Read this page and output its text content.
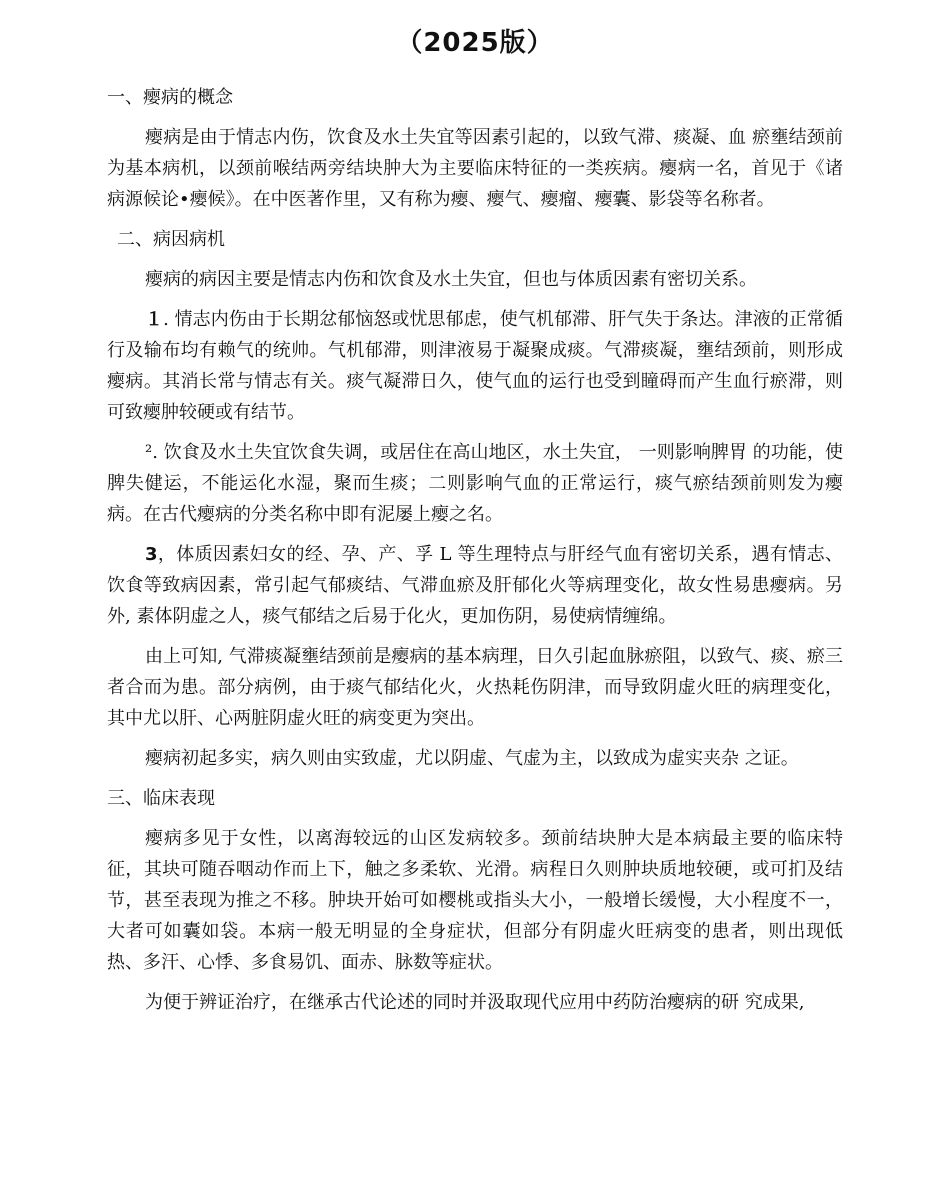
（2025版）
一、瘿病的概念

瘿病是由于情志内伤，饮食及水土失宜等因素引起的，以致气滞、痰凝、血 瘀壅结颈前为基本病机，以颈前喉结两旁结块肿大为主要临床特征的一类疾病。瘿病一名，首见于《诸病源候论•瘿候》。在中医著作里，又有称为瘿、瘿气、瘿瘤、瘿囊、影袋等名称者。

二、病因病机

瘿病的病因主要是情志内伤和饮食及水土失宜，但也与体质因素有密切关系。

１. 情志内伤由于长期忿郁恼怒或忧思郁虑，使气机郁滞、肝气失于条达。津液的正常循行及输布均有赖气的统帅。气机郁滞，则津液易于凝聚成痰。气滞痰凝，壅结颈前，则形成瘿病。其消长常与情志有关。痰气凝滞日久，使气血的运行也受到瞳碍而产生血行瘀滞，则可致瘿肿较硬或有结节。

². 饮食及水土失宜饮食失调，或居住在高山地区，水土失宜， 一则影响脾胃 的功能，使脾失健运，不能运化水湿，聚而生痰；二则影响气血的正常运行，痰气瘀结颈前则发为瘿病。在古代瘿病的分类名称中即有泥屡上瘿之名。

3，体质因素妇女的经、孕、产、孚 L 等生理特点与肝经气血有密切关系，遇有情志、饮食等致病因素，常引起气郁痰结、气滞血瘀及肝郁化火等病理变化，故女性易患瘿病。另外, 素体阴虚之人，痰气郁结之后易于化火，更加伤阴，易使病情缠绵。

由上可知, 气滞痰凝壅结颈前是瘿病的基本病理，日久引起血脉瘀阻，以致气、痰、瘀三者合而为患。部分病例，由于痰气郁结化火，火热耗伤阴津，而导致阴虚火旺的病理变化，其中尤以肝、心两脏阴虚火旺的病变更为突出。

瘿病初起多实，病久则由实致虚，尤以阴虚、气虚为主，以致成为虚实夹杂 之证。

三、临床表现

瘿病多见于女性，以离海较远的山区发病较多。颈前结块肿大是本病最主要的临床特征，其块可随吞咽动作而上下，触之多柔软、光滑。病程日久则肿块质地较硬，或可扪及结节，甚至表现为推之不移。肿块开始可如樱桃或指头大小，一般增长缓慢，大小程度不一，大者可如囊如袋。本病一般无明显的全身症状，但部分有阴虚火旺病变的患者，则出现低热、多汗、心悸、多食易饥、面赤、脉数等症状。

为便于辨证治疗，在继承古代论述的同时并汲取现代应用中药防治瘿病的研 究成果,
